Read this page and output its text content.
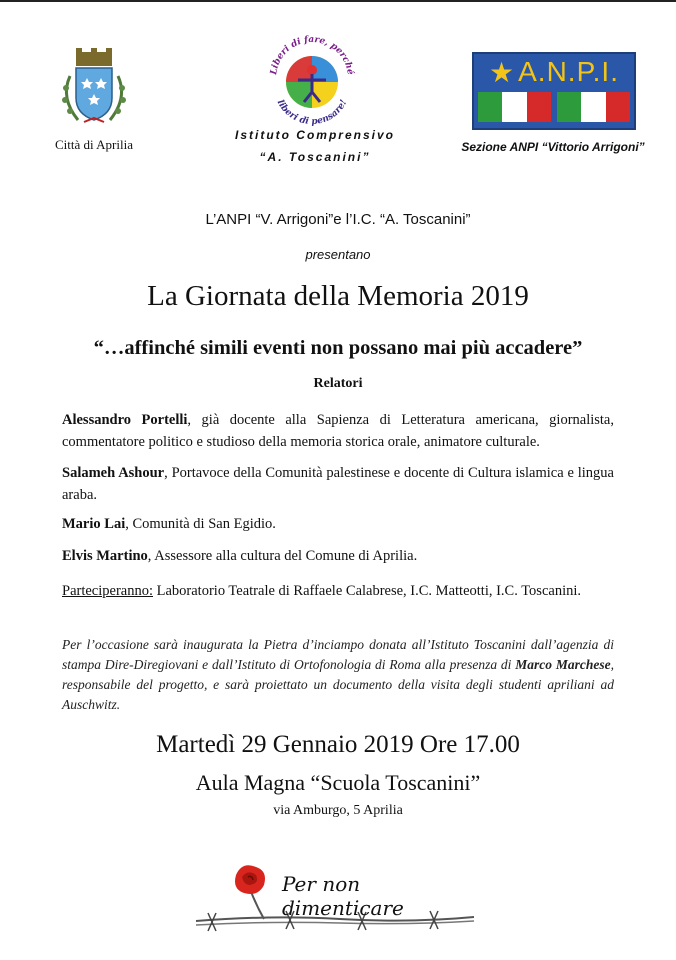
Città di Aprilia
Liberi di fare, perché
liberi di pensare!
Istituto Comprensivo
“A. Toscanini”
★ A.N.P.I.
Sezione ANPI “Vittorio Arrigoni”
L’ANPI “V. Arrigoni”e l’I.C. “A. Toscanini”
presentano
La Giornata della Memoria 2019
“…affinché simili eventi non possano mai più accadere”
Relatori
Alessandro Portelli, già docente alla Sapienza di Letteratura americana, giornalista, commentatore politico e studioso della memoria storica orale, animatore culturale.
Salameh Ashour, Portavoce della Comunità palestinese e docente di Cultura islamica e lingua araba.
Mario Lai, Comunità di San Egidio.
Elvis Martino, Assessore alla cultura del Comune di Aprilia.
Parteciperanno: Laboratorio Teatrale di Raffaele Calabrese, I.C. Matteotti, I.C. Toscanini.
Per l’occasione sarà inaugurata la Pietra d’inciampo donata all’Istituto Toscanini dall’agenzia di stampa Dire-Diregiovani e dall’Istituto di Ortofonologia di Roma alla presenza di Marco Marchese, responsabile del progetto, e sarà proiettato un documento della visita degli studenti apriliani ad Auschwitz.
Martedì 29 Gennaio 2019 Ore 17.00
Aula Magna “Scuola Toscanini”
via Amburgo, 5 Aprilia
Per non dimenticare
